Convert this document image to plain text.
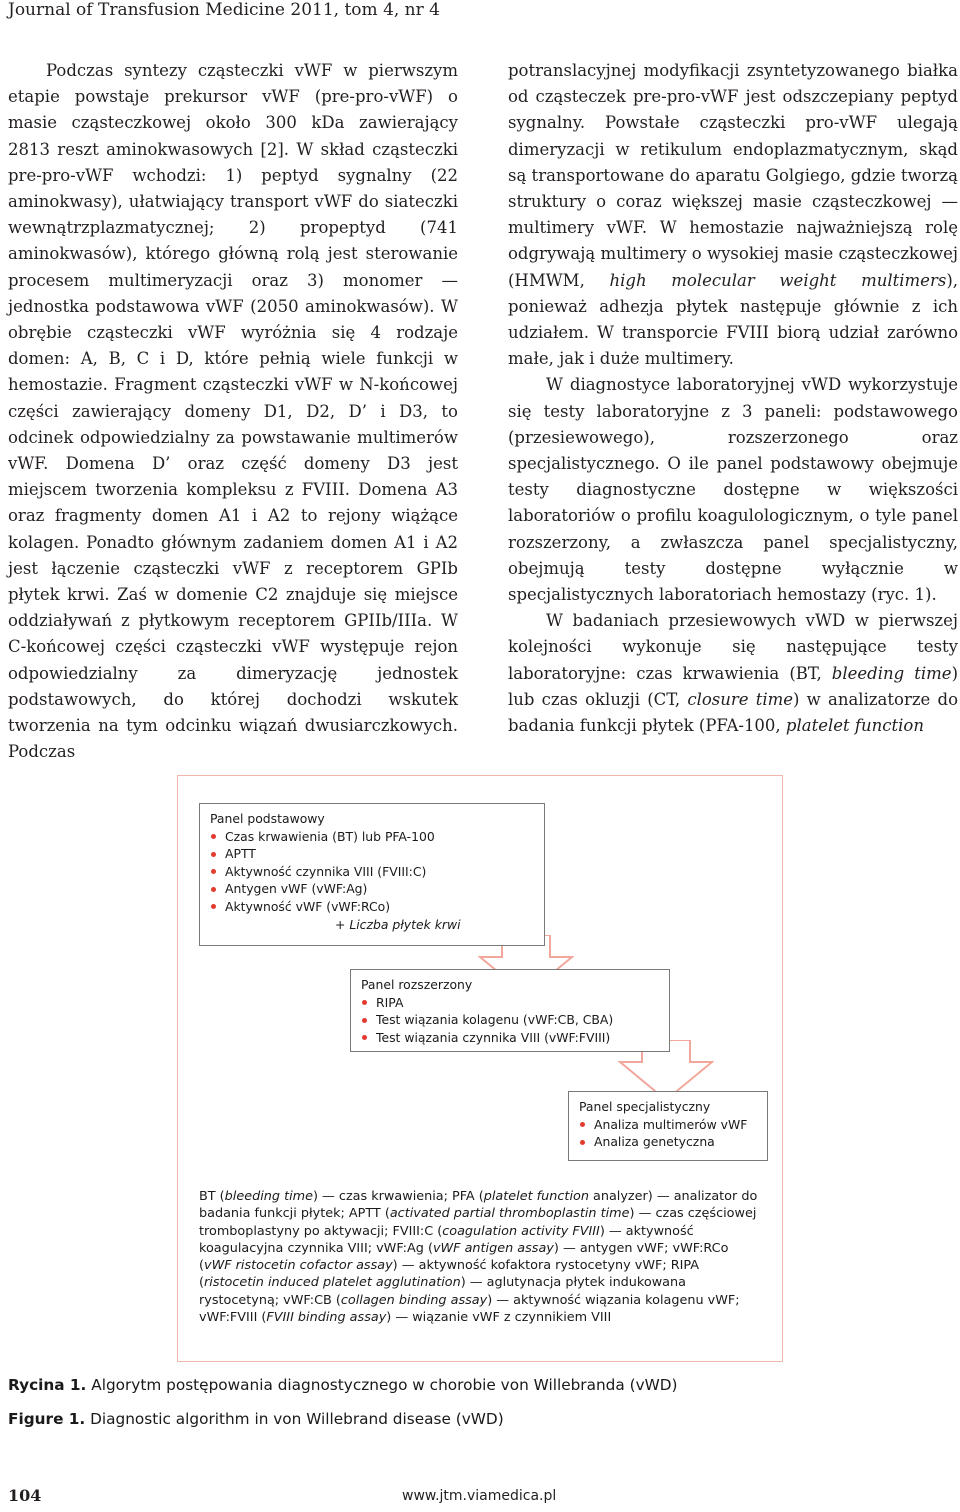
Journal of Transfusion Medicine 2011, tom 4, nr 4

Podczas syntezy cząsteczki vWF w pierwszym etapie powstaje prekursor vWF (pre-pro-vWF) o masie cząsteczkowej około 300 kDa zawierający 2813 reszt aminokwasowych [2]. W skład cząsteczki pre-pro-vWF wchodzi: 1) peptyd sygnalny (22 aminokwasy), ułatwiający transport vWF do siateczki wewnątrzplazmatycznej; 2) propeptyd (741 aminokwasów), którego główną rolą jest sterowanie procesem multimeryzacji oraz 3) monomer — jednostka podstawowa vWF (2050 aminokwasów). W obrębie cząsteczki vWF wyróżnia się 4 rodzaje domen: A, B, C i D, które pełnią wiele funkcji w hemostazie. Fragment cząsteczki vWF w N-końcowej części zawierający domeny D1, D2, D’ i D3, to odcinek odpowiedzialny za powstawanie multimerów vWF. Domena D’ oraz część domeny D3 jest miejscem tworzenia kompleksu z FVIII. Domena A3 oraz fragmenty domen A1 i A2 to rejony wiążące kolagen. Ponadto głównym zadaniem domen A1 i A2 jest łączenie cząsteczki vWF z receptorem GPIb płytek krwi. Zaś w domenie C2 znajduje się miejsce oddziaływań z płytkowym receptorem GPIIb/IIIa. W C-końcowej części cząsteczki vWF występuje rejon odpowiedzialny za dimeryzację jednostek podstawowych, do której dochodzi wskutek tworzenia na tym odcinku wiązań dwusiarczkowych. Podczas

potranslacyjnej modyfikacji zsyntetyzowanego białka od cząsteczek pre-pro-vWF jest odszczepiany peptyd sygnalny. Powstałe cząsteczki pro-vWF ulegają dimeryzacji w retikulum endoplazmatycznym, skąd są transportowane do aparatu Golgiego, gdzie tworzą struktury o coraz większej masie cząsteczkowej — multimery vWF. W hemostazie najważniejszą rolę odgrywają multimery o wysokiej masie cząsteczkowej (HMWM, high molecular weight multimers), ponieważ adhezja płytek następuje głównie z ich udziałem. W transporcie FVIII biorą udział zarówno małe, jak i duże multimery.

W diagnostyce laboratoryjnej vWD wykorzystuje się testy laboratoryjne z 3 paneli: podstawowego (przesiewowego), rozszerzonego oraz specjalistycznego. O ile panel podstawowy obejmuje testy diagnostyczne dostępne w większości laboratoriów o profilu koagulologicznym, o tyle panel rozszerzony, a zwłaszcza panel specjalistyczny, obejmują testy dostępne wyłącznie w specjalistycznych laboratoriach hemostazy (ryc. 1).

W badaniach przesiewowych vWD w pierwszej kolejności wykonuje się następujące testy laboratoryjne: czas krwawienia (BT, bleeding time) lub czas okluzji (CT, closure time) w analizatorze do badania funkcji płytek (PFA-100, platelet function

Panel podstawowy
Czas krwawienia (BT) lub PFA-100
APTT
Aktywność czynnika VIII (FVIII:C)
Antygen vWF (vWF:Ag)
Aktywność vWF (vWF:RCo)
+ Liczba płytek krwi
Panel rozszerzony
RIPA
Test wiązania kolagenu (vWF:CB, CBA)
Test wiązania czynnika VIII (vWF:FVIII)
Panel specjalistyczny
Analiza multimerów vWF
Analiza genetyczna
BT (bleeding time) — czas krwawienia; PFA (platelet function analyzer) — analizator do badania funkcji płytek; APTT (activated partial thromboplastin time) — czas częściowej tromboplastyny po aktywacji; FVIII:C (coagulation activity FVIII) — aktywność koagulacyjna czynnika VIII; vWF:Ag (vWF antigen assay) — antygen vWF; vWF:RCo (vWF ristocetin cofactor assay) — aktywność kofaktora rystocetyny vWF; RIPA (ristocetin induced platelet agglutination) — aglutynacja płytek indukowana rystocetyną; vWF:CB (collagen binding assay) — aktywność wiązania kolagenu vWF; vWF:FVIII (FVIII binding assay) — wiązanie vWF z czynnikiem VIII
Rycina 1. Algorytm postępowania diagnostycznego w chorobie von Willebranda (vWD)
Figure 1. Diagnostic algorithm in von Willebrand disease (vWD)
104	www.jtm.viamedica.pl
